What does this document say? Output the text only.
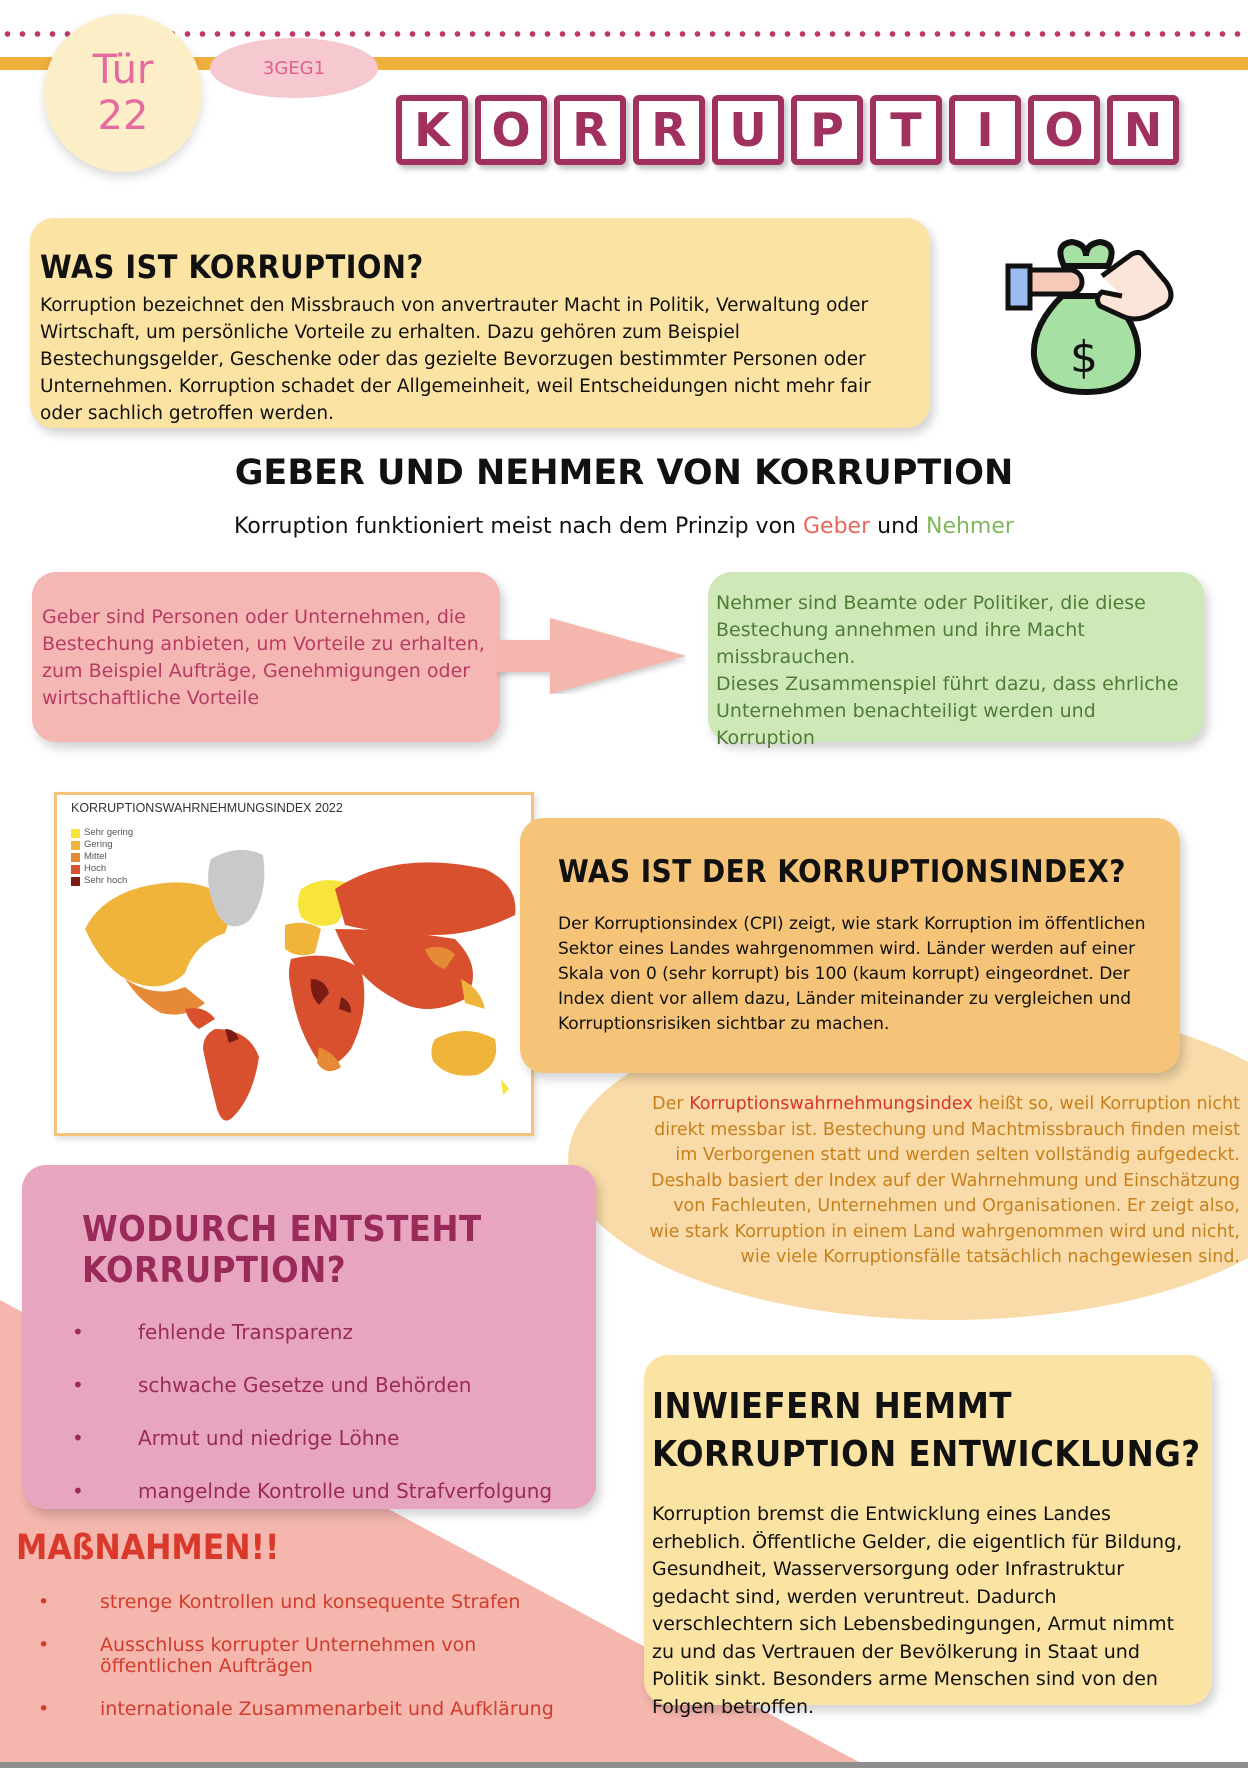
Tür
22
3GEG1
K O R R U P	T	I	O N
WAS IST KORRUPTION?

Korruption bezeichnet den Missbrauch von anvertrauter Macht in Politik, Verwaltung oder Wirtschaft, um persönliche Vorteile zu erhalten. Dazu gehören zum Beispiel Bestechungsgelder, Geschenke oder das gezielte Bevorzugen bestimmter Personen oder Unternehmen. Korruption schadet der Allgemeinheit, weil Entscheidungen nicht mehr fair oder sachlich getroffen werden.

$
GEBER UND NEHMER VON KORRUPTION
Korruption funktioniert meist nach dem Prinzip von Geber und Nehmer

Geber sind Personen oder Unternehmen, die Bestechung anbieten, um Vorteile zu erhalten, zum Beispiel Aufträge, Genehmigungen oder wirtschaftliche Vorteile

Nehmer sind Beamte oder Politiker, die diese Bestechung annehmen und ihre Macht missbrauchen.

Dieses Zusammenspiel führt dazu, dass ehrliche Unternehmen benachteiligt werden und Korruption

KORRUPTIONSWAHRNEHMUNGSINDEX 2022
Sehr gering
Gering
Mittel
Hoch
Sehr hoch	WAS IST DER KORRUPTIONSINDEX?

Der Korruptionsindex (CPI) zeigt, wie stark Korruption im öffentlichen Sektor eines Landes wahrgenommen wird. Länder werden auf einer Skala von 0 (sehr korrupt) bis 100 (kaum korrupt) eingeordnet. Der Index dient vor allem dazu, Länder miteinander zu vergleichen und Korruptionsrisiken sichtbar zu machen.

Der Korruptionswahrnehmungsindex heißt so, weil Korruption nicht direkt messbar ist. Bestechung und Machtmissbrauch finden meist im Verborgenen statt und werden selten vollständig aufgedeckt. Deshalb basiert der Index auf der Wahrnehmung und Einschätzung von Fachleuten, Unternehmen und Organisationen. Er zeigt also, wie stark Korruption in einem Land wahrgenommen wird und nicht, wie viele Korruptionsfälle tatsächlich nachgewiesen sind.
WODURCH ENTSTEHT KORRUPTION?
•	fehlende Transparenz
•	schwache Gesetze und Behörden
•	Armut und niedrige Löhne
•	mangelnde Kontrolle und Strafverfolgung
MAßNAHMEN!!
•	strenge Kontrollen und konsequente Strafen
•	Ausschluss korrupter Unternehmen von öffentlichen Aufträgen
•	internationale Zusammenarbeit und Aufklärung
INWIEFERN HEMMT KORRUPTION ENTWICKLUNG?

Korruption bremst die Entwicklung eines Landes erheblich. Öffentliche Gelder, die eigentlich für Bildung, Gesundheit, Wasserversorgung oder Infrastruktur gedacht sind, werden veruntreut. Dadurch verschlechtern sich Lebensbedingungen, Armut nimmt zu und das Vertrauen der Bevölkerung in Staat und Politik sinkt. Besonders arme Menschen sind von den Folgen betroffen.
